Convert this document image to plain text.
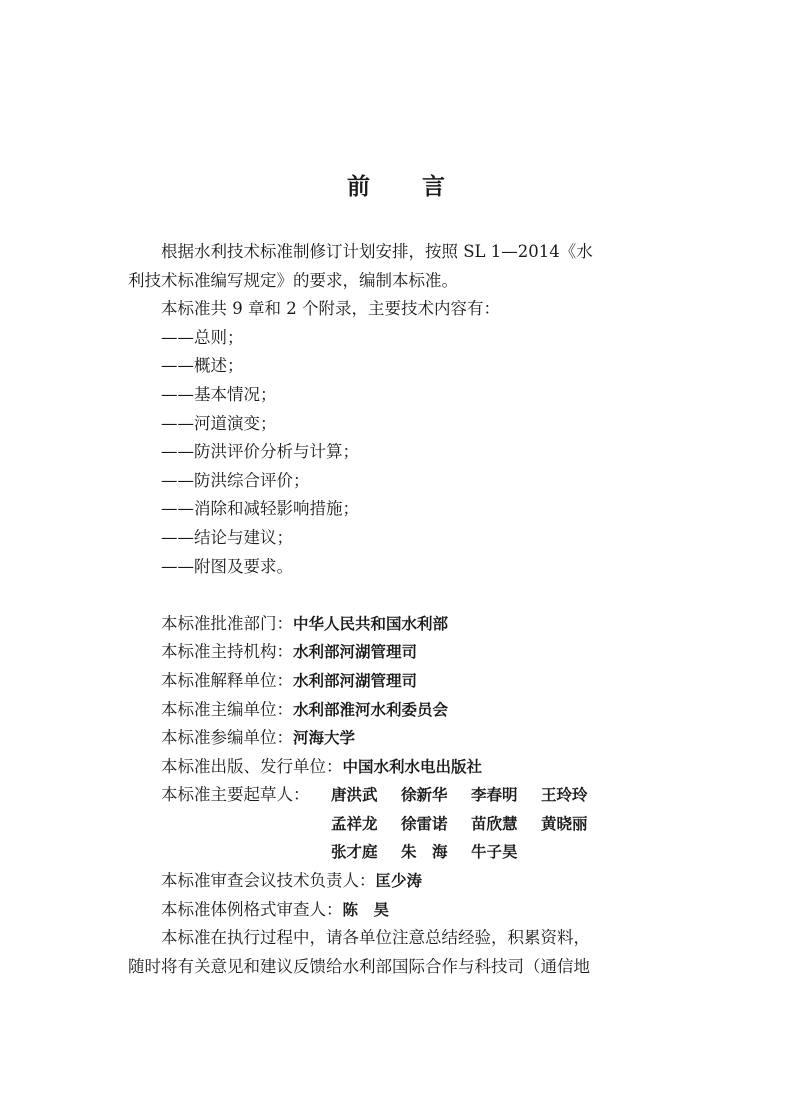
前 言
根据水利技术标准制修订计划安排，按照 SL 1—2014《水
利技术标准编写规定》的要求，编制本标准。
本标准共 9 章和 2 个附录，主要技术内容有：
——总则；
——概述；
——基本情况；
——河道演变；
——防洪评价分析与计算；
——防洪综合评价；
——消除和减轻影响措施；
——结论与建议；
——附图及要求。
本标准批准部门：中华人民共和国水利部
本标准主持机构：水利部河湖管理司
本标准解释单位：水利部河湖管理司
本标准主编单位：水利部淮河水利委员会
本标准参编单位：河海大学
本标准出版、发行单位：中国水利水电出版社
本标准主要起草人：	唐洪武	徐新华	李春明	王玲玲
孟祥龙	徐雷诺	苗欣慧	黄晓丽
张才庭	朱　海	牛子昊
本标准审查会议技术负责人：匡少涛
本标准体例格式审查人：陈　昊
本标准在执行过程中，请各单位注意总结经验，积累资料，
随时将有关意见和建议反馈给水利部国际合作与科技司（通信地
